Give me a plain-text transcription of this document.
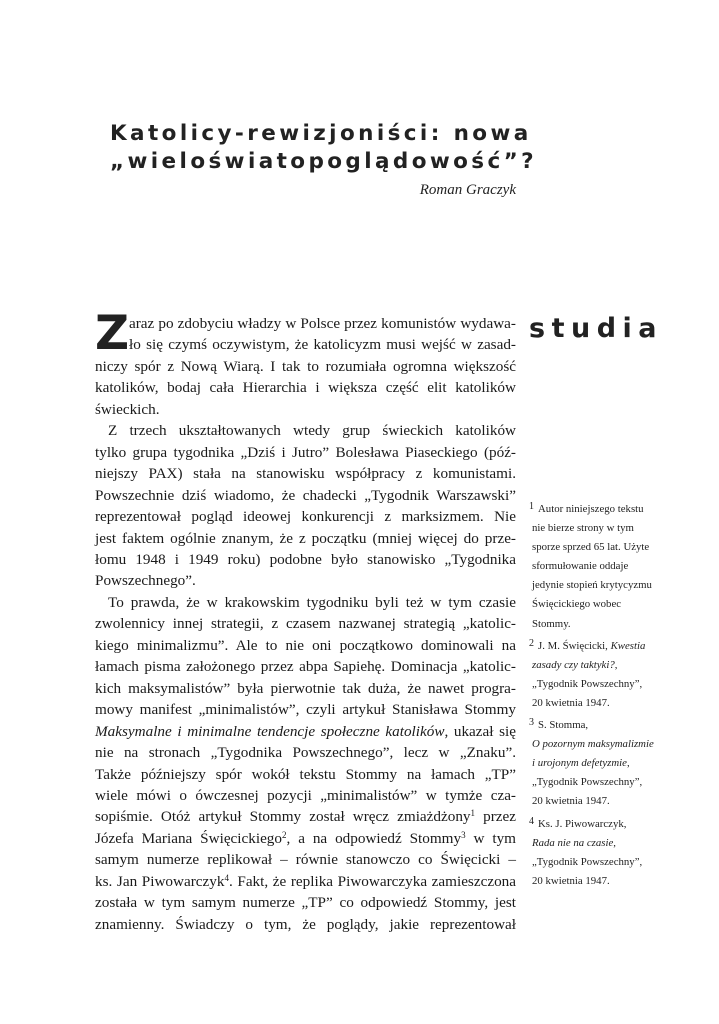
Katolicy-rewizjoniści: nowa
„wieloświatopoglądowość”?
Roman Graczyk
studia
Z araz po zdobyciu władzy w Polsce przez komunistów wydawa-
ło się czymś oczywistym, że katolicyzm musi wejść w zasad-
niczy spór z Nową Wiarą. I tak to rozumiała ogromna większość
katolików, bodaj cała Hierarchia i większa część elit katolików
świeckich.
Z trzech ukształtowanych wtedy grup świeckich katolików
tylko grupa tygodnika „Dziś i Jutro” Bolesława Piaseckiego (póź-
niejszy PAX) stała na stanowisku współpracy z komunistami.
Powszechnie dziś wiadomo, że chadecki „Tygodnik Warszawski”
reprezentował pogląd ideowej konkurencji z marksizmem. Nie
jest faktem ogólnie znanym, że z początku (mniej więcej do prze-
łomu 1948 i 1949 roku) podobne było stanowisko „Tygodnika
Powszechnego”.
To prawda, że w krakowskim tygodniku byli też w tym czasie
zwolennicy innej strategii, z czasem nazwanej strategią „katolic-
kiego minimalizmu”. Ale to nie oni początkowo dominowali na
łamach pisma założonego przez abpa Sapiehę. Dominacja „katolic-
kich maksymalistów” była pierwotnie tak duża, że nawet progra-
mowy manifest „minimalistów”, czyli artykuł Stanisława Stommy
Maksymalne i minimalne tendencje społeczne katolików, ukazał się
nie na stronach „Tygodnika Powszechnego”, lecz w „Znaku”.
Także późniejszy spór wokół tekstu Stommy na łamach „TP”
wiele mówi o ówczesnej pozycji „minimalistów” w tymże cza-
sopiśmie. Otóż artykuł Stommy został wręcz zmiażdżony$^1$ przez
Józefa Mariana Święcickiego$^2$, a na odpowiedź Stommy$^3$ w tym
samym numerze replikował – równie stanowczo co Święcicki –
ks. Jan Piwowarczyk$^4$. Fakt, że replika Piwowarczyka zamieszczona
została w tym samym numerze „TP” co odpowiedź Stommy, jest
znamienny. Świadczy o tym, że poglądy, jakie reprezentował
1 Autor niniejszego tekstu
nie bierze strony w tym
sporze sprzed 65 lat. Użyte
sformułowanie oddaje
jedynie stopień krytycyzmu
Święcickiego wobec
Stommy.
2 J. M. Święcicki, Kwestia
zasady czy taktyki?,
„Tygodnik Powszechny”,
20 kwietnia 1947.
3 S. Stomma,
O pozornym maksymalizmie
i urojonym defetyzmie,
„Tygodnik Powszechny”,
20 kwietnia 1947.
4 Ks. J. Piwowarczyk,
Rada nie na czasie,
„Tygodnik Powszechny”,
20 kwietnia 1947.
